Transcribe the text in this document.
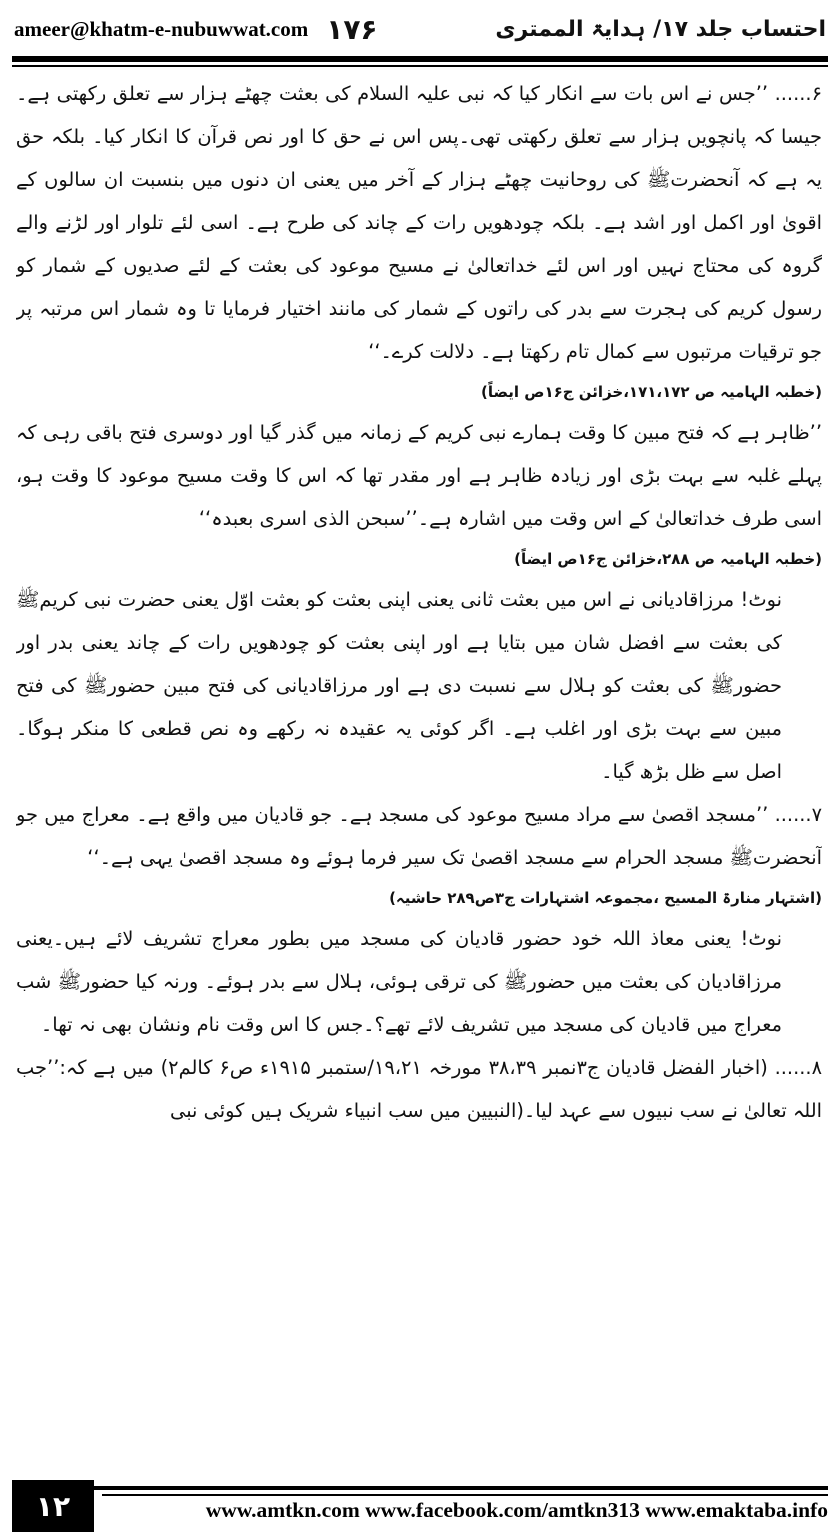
ameer@khatm-e-nubuwwat.com ۱۷۶	احتساب جلد ۱۷/ ہدایۃ الممتری

۶...... ’’جس نے اس بات سے انکار کیا کہ نبی علیہ السلام کی بعثت چھٹے ہزار سے تعلق رکھتی ہے۔جیسا کہ پانچویں ہزار سے تعلق رکھتی تھی۔پس اس نے حق کا اور نص قرآن کا انکار کیا۔ بلکہ حق یہ ہے کہ آنحضرتﷺ کی روحانیت چھٹے ہزار کے آخر میں یعنی ان دنوں میں بنسبت ان سالوں کے اقویٰ اور اکمل اور اشد ہے۔ بلکہ چودھویں رات کے چاند کی طرح ہے۔ اسی لئے تلوار اور لڑنے والے گروہ کی محتاج نہیں اور اس لئے خداتعالیٰ نے مسیح موعود کی بعثت کے لئے صدیوں کے شمار کو رسول کریم کی ہجرت سے بدر کی راتوں کے شمار کی مانند اختیار فرمایا تا وہ شمار اس مرتبہ پر جو ترقیات مرتبوں سے کمال تام رکھتا ہے۔ دلالت کرے۔‘‘

(خطبہ الہامیہ ص ۱۷۱،۱۷۲،خزائن ج۱۶ص ایضاً)

’’ظاہر ہے کہ فتح مبین کا وقت ہمارے نبی کریم کے زمانہ میں گذر گیا اور دوسری فتح باقی رہی کہ پہلے غلبہ سے بہت بڑی اور زیادہ ظاہر ہے اور مقدر تھا کہ اس کا وقت مسیح موعود کا وقت ہو، اسی طرف خداتعالیٰ کے اس وقت میں اشارہ ہے۔’’سبحن الذی اسری بعبدہ‘‘

(خطبہ الہامیہ ص ۲۸۸،خزائن ج۱۶ص ایضاً)

نوٹ! مرزاقادیانی نے اس میں بعثت ثانی یعنی اپنی بعثت کو بعثت اوّل یعنی حضرت نبی کریمﷺ کی بعثت سے افضل شان میں بتایا ہے اور اپنی بعثت کو چودھویں رات کے چاند یعنی بدر اور حضورﷺ کی بعثت کو ہلال سے نسبت دی ہے اور مرزاقادیانی کی فتح مبین حضورﷺ کی فتح مبین سے بہت بڑی اور اغلب ہے۔ اگر کوئی یہ عقیدہ نہ رکھے وہ نص قطعی کا منکر ہوگا۔ اصل سے ظل بڑھ گیا۔

۷...... ’’مسجد اقصیٰ سے مراد مسیح موعود کی مسجد ہے۔ جو قادیان میں واقع ہے۔ معراج میں جو آنحضرتﷺ مسجد الحرام سے مسجد اقصیٰ تک سیر فرما ہوئے وہ مسجد اقصیٰ یہی ہے۔‘‘

(اشتہار منارۃ المسیح ،مجموعہ اشتہارات ج۳ص۲۸۹ حاشیہ)

نوٹ! یعنی معاذ اللہ خود حضور قادیان کی مسجد میں بطور معراج تشریف لائے ہیں۔یعنی مرزاقادیان کی بعثت میں حضورﷺ کی ترقی ہوئی، ہلال سے بدر ہوئے۔ ورنہ کیا حضورﷺ شب معراج میں قادیان کی مسجد میں تشریف لائے تھے؟۔جس کا اس وقت نام ونشان بھی نہ تھا۔

۸...... (اخبار الفضل قادیان ج۳نمبر ۳۸،۳۹ مورخہ ۱۹،۲۱/ستمبر ۱۹۱۵ء ص۶ کالم۲) میں ہے کہ:’’جب اللہ تعالیٰ نے سب نبیوں سے عہد لیا۔(النبیین میں سب انبیاء شریک ہیں کوئی نبی

۱۲	www.amtkn.com www.facebook.com/amtkn313 www.emaktaba.info
